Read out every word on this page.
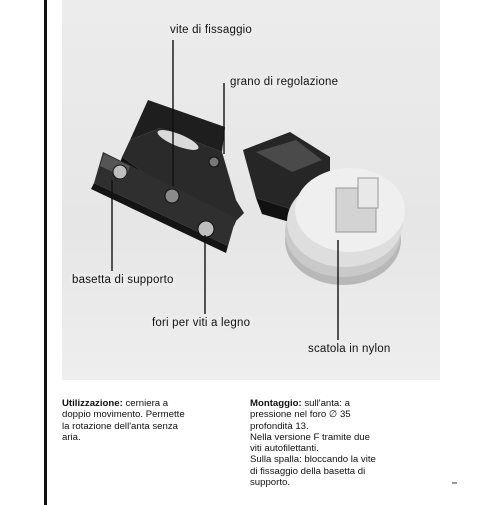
vite di fissaggio
grano di regolazione
basetta di supporto
fori per viti a legno
scatola in nylon
Utilizzazione: cerniera a
doppio movimento. Permette
la rotazione dell'anta senza
aria.
Montaggio: sull'anta: a
pressione nel foro ∅ 35
profondità 13.
Nella versione F tramite due
viti autofilettanti.
Sulla spalla: bloccando la vite
di fissaggio della basetta di
supporto.
